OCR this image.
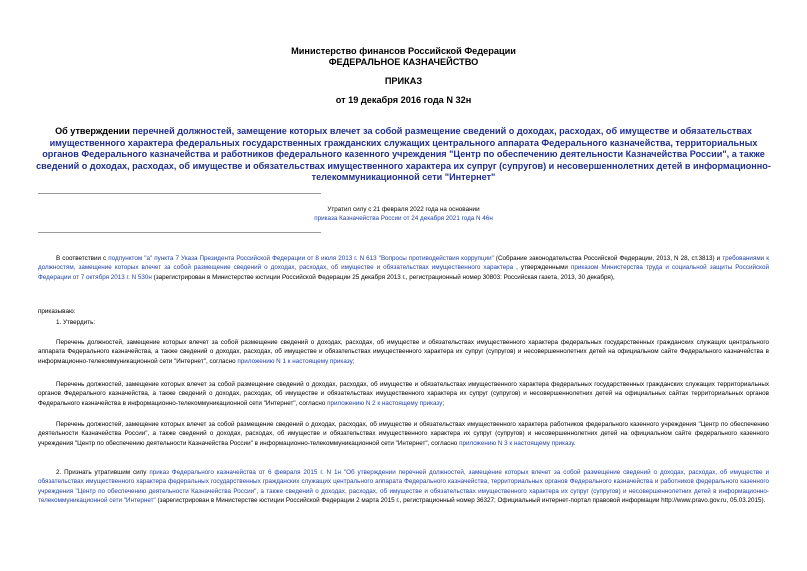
Министерство финансов Российской Федерации
ФЕДЕРАЛЬНОЕ КАЗНАЧЕЙСТВО
ПРИКАЗ
от 19 декабря 2016 года N 32н
Об утверждении перечней должностей, замещение которых влечет за собой размещение сведений о доходах, расходах, об имуществе и обязательствах имущественного характера федеральных государственных гражданских служащих центрального аппарата Федерального казначейства, территориальных органов Федерального казначейства и работников федерального казенного учреждения "Центр по обеспечению деятельности Казначейства России", а также сведений о доходах, расходах, об имуществе и обязательствах имущественного характера их супруг (супругов) и несовершеннолетних детей в информационно-телекоммуникационной сети "Интернет"
Утратил силу с 21 февраля 2022 года на основании
приказа Казначейства России от 24 декабря 2021 года N 46н

В соответствии с подпунктом "а" пункта 7 Указа Президента Российской Федерации от 8 июля 2013 г. N 613 "Вопросы противодействия коррупции" (Собрание законодательства Российской Федерации, 2013, N 28, ст.3813) и требованиями к должностям, замещение которых влечет за собой размещение сведений о доходах, расходах, об имуществе и обязательствах имущественного характера , утвержденными приказом Министерства труда и социальной защиты Российской Федерации от 7 октября 2013 г. N 530н (зарегистрирован в Министерстве юстиции Российской Федерации 25 декабря 2013 г., регистрационный номер 30803: Российская газета, 2013, 30 декабря),

приказываю:

1. Утвердить:

Перечень должностей, замещение которых влечет за собой размещение сведений о доходах, расходах, об имуществе и обязательствах имущественного характера федеральных государственных гражданских служащих центрального аппарата Федерального казначейства, а также сведений о доходах, расходах, об имуществе и обязательствах имущественного характера их супруг (супругов) и несовершеннолетних детей на официальном сайте Федерального казначейства в информационно-телекоммуникационной сети "Интернет", согласно приложению N 1 к настоящему приказу;

Перечень должностей, замещение которых влечет за собой размещение сведений о доходах, расходах, об имуществе и обязательствах имущественного характера федеральных государственных гражданских служащих территориальных органов Федерального казначейства, а также сведений о доходах, расходах, об имуществе и обязательствах имущественного характера их супруг (супругов) и несовершеннолетних детей на официальных сайтах территориальных органов Федерального казначейства в информационно-телекоммуникационной сети "Интернет", согласно приложению N 2 к настоящему приказу;

Перечень должностей, замещение которых влечет за собой размещение сведений о доходах, расходах, об имуществе и обязательствах имущественного характера работников федерального казенного учреждения "Центр по обеспечению деятельности Казначейства России", а также сведений о доходах, расходах, об имуществе и обязательствах имущественного характера их супруг (супругов) и несовершеннолетних детей на официальном сайте федерального казенного учреждения "Центр по обеспечению деятельности Казначейства России" в информационно-телекоммуникационной сети "Интернет", согласно приложению N 3 к настоящему приказу.

2. Признать утратившим силу приказ Федерального казначейства от 6 февраля 2015 г. N 1н "Об утверждении перечней должностей, замещение которых влечет за собой размещение сведений о доходах, расходах, об имуществе и обязательствах имущественного характера федеральных государственных гражданских служащих центрального аппарата Федерального казначейства, территориальных органов Федерального казначейства и работников федерального казенного учреждения "Центр по обеспечению деятельности Казначейства России", а также сведений о доходах, расходах, об имуществе и обязательствах имущественного характера их супруг (супругов) и несовершеннолетних детей в информационно-телекоммуникационной сети "Интернет" (зарегистрирован в Министерстве юстиции Российской Федерации 2 марта 2015 г., регистрационный номер 36327; Официальный интернет-портал правовой информации http://www.pravo.gov.ru, 05.03.2015).
